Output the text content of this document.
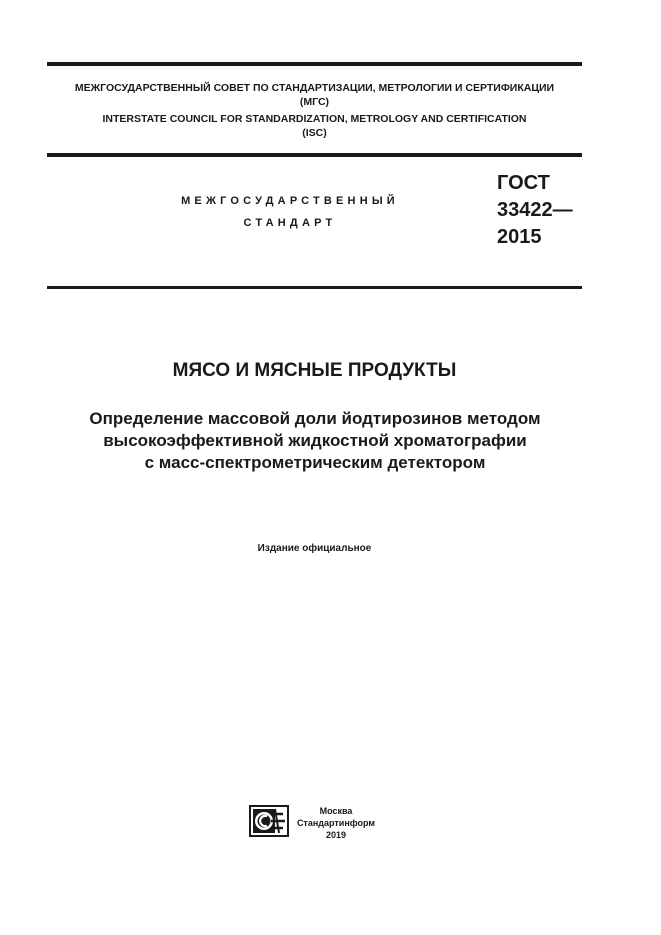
МЕЖГОСУДАРСТВЕННЫЙ СОВЕТ ПО СТАНДАРТИЗАЦИИ, МЕТРОЛОГИИ И СЕРТИФИКАЦИИ
(МГС)
INTERSTATE COUNCIL FOR STANDARDIZATION, METROLOGY AND CERTIFICATION
(ISC)
МЕЖГОСУДАРСТВЕННЫЙ
СТАНДАРТ
ГОСТ
33422—
2015
МЯСО И МЯСНЫЕ ПРОДУКТЫ
Определение массовой доли йодтирозинов методом
высокоэффективной жидкостной хроматографии
с масс-спектрометрическим детектором
Издание официальное
Москва
Стандартинформ
2019
